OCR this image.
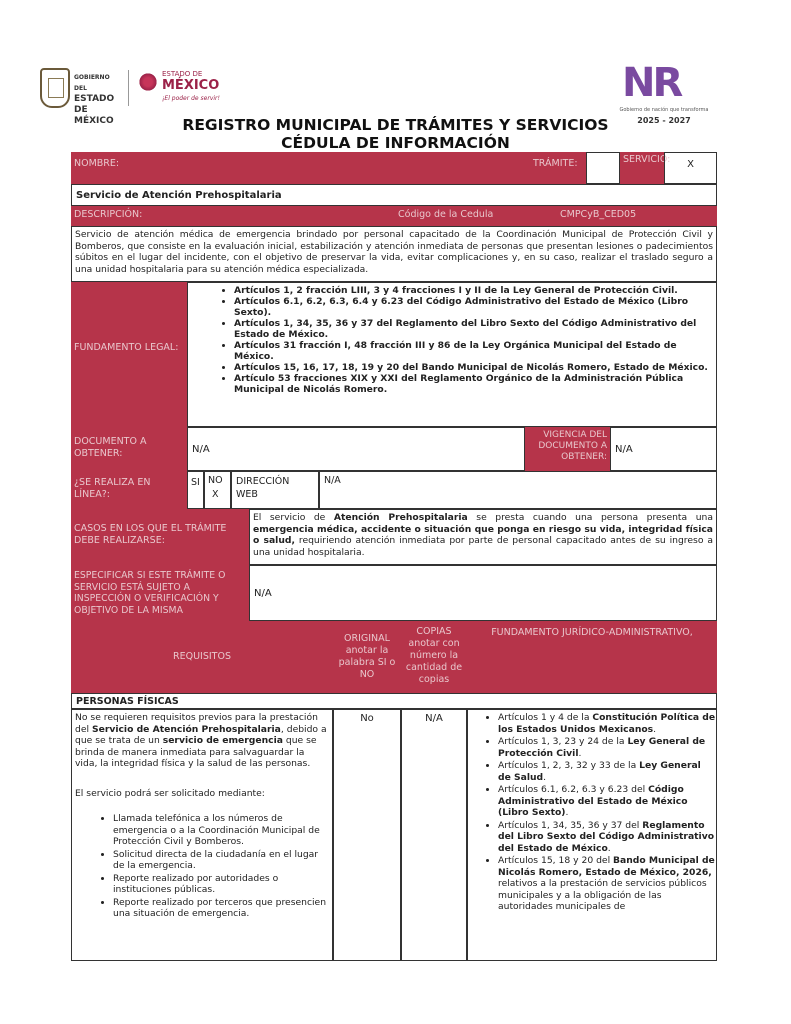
GOBIERNO DEL
ESTADO DE
MÉXICO
ESTADO DE
MÉXICO
¡El poder de servir!	NR
Gobierno de nación que transforma
2025 - 2027
REGISTRO MUNICIPAL DE TRÁMITES Y SERVICIOS
CÉDULA DE INFORMACIÓN
NOMBRE:	TRÁMITE:	SERVICIO:	X
Servicio de Atención Prehospitalaria
DESCRIPCIÓN:	Código de la Cedula	CMPCyB_CED05
Servicio de atención médica de emergencia brindado por personal capacitado de la Coordinación Municipal de Protección Civil y Bomberos, que consiste en la evaluación inicial, estabilización y atención inmediata de personas que presentan lesiones o padecimientos súbitos en el lugar del incidente, con el objetivo de preservar la vida, evitar complicaciones y, en su caso, realizar el traslado seguro a una unidad hospitalaria para su atención médica especializada.
FUNDAMENTO LEGAL:
• Artículos 1, 2 fracción LIII, 3 y 4 fracciones I y II de la Ley General de Protección Civil.
• Artículos 6.1, 6.2, 6.3, 6.4 y 6.23 del Código Administrativo del Estado de México (Libro Sexto).
• Artículos 1, 34, 35, 36 y 37 del Reglamento del Libro Sexto del Código Administrativo del Estado de México.
• Artículos 31 fracción I, 48 fracción III y 86 de la Ley Orgánica Municipal del Estado de México.
• Artículos 15, 16, 17, 18, 19 y 20 del Bando Municipal de Nicolás Romero, Estado de México.
• Artículo 53 fracciones XIX y XXI del Reglamento Orgánico de la Administración Pública Municipal de Nicolás Romero.
DOCUMENTO A OBTENER:	N/A
VIGENCIA DEL DOCUMENTO A OBTENER:
N/A
¿SE REALIZA EN LÍNEA?:
SI NO
X
DIRECCIÓN WEB
N/A
CASOS EN LOS QUE EL TRÁMITE DEBE REALIZARSE:
El servicio de Atención Prehospitalaria se presta cuando una persona presenta una emergencia médica, accidente o situación que ponga en riesgo su vida, integridad física o salud, requiriendo atención inmediata por parte de personal capacitado antes de su ingreso a una unidad hospitalaria.
ESPECIFICAR SI ESTE TRÁMITE O SERVICIO ESTÁ SUJETO A INSPECCIÓN O VERIFICACIÓN Y OBJETIVO DE LA MISMA
N/A
REQUISITOS
ORIGINAL anotar la palabra SI o NO
COPIAS anotar con número la cantidad de copias
FUNDAMENTO JURÍDICO-ADMINISTRATIVO,
PERSONAS FÍSICAS
No se requieren requisitos previos para la prestación del Servicio de Atención Prehospitalaria, debido a que se trata de un servicio de emergencia que se brinda de manera inmediata para salvaguardar la vida, la integridad física y la salud de las personas.
El servicio podrá ser solicitado mediante:
• Llamada telefónica a los números de emergencia o a la Coordinación Municipal de Protección Civil y Bomberos.
• Solicitud directa de la ciudadanía en el lugar de la emergencia.
• Reporte realizado por autoridades o instituciones públicas.
• Reporte realizado por terceros que presencien una situación de emergencia.
No	N/A
•	Artículos 1 y 4 de la Constitución Política de los Estados Unidos Mexicanos.
• Artículos 1, 3, 23 y 24 de la Ley General de Protección Civil.
• Artículos 1, 2, 3, 32 y 33 de la Ley General de Salud.
• Artículos 6.1, 6.2, 6.3 y 6.23 del Código Administrativo del Estado de México (Libro Sexto).
• Artículos 1, 34, 35, 36 y 37 del Reglamento del Libro Sexto del Código Administrativo del Estado de México.
• Artículos 15, 18 y 20 del Bando Municipal de Nicolás Romero, Estado de México, 2026, relativos a la prestación de servicios públicos municipales y a la obligación de las autoridades municipales de
